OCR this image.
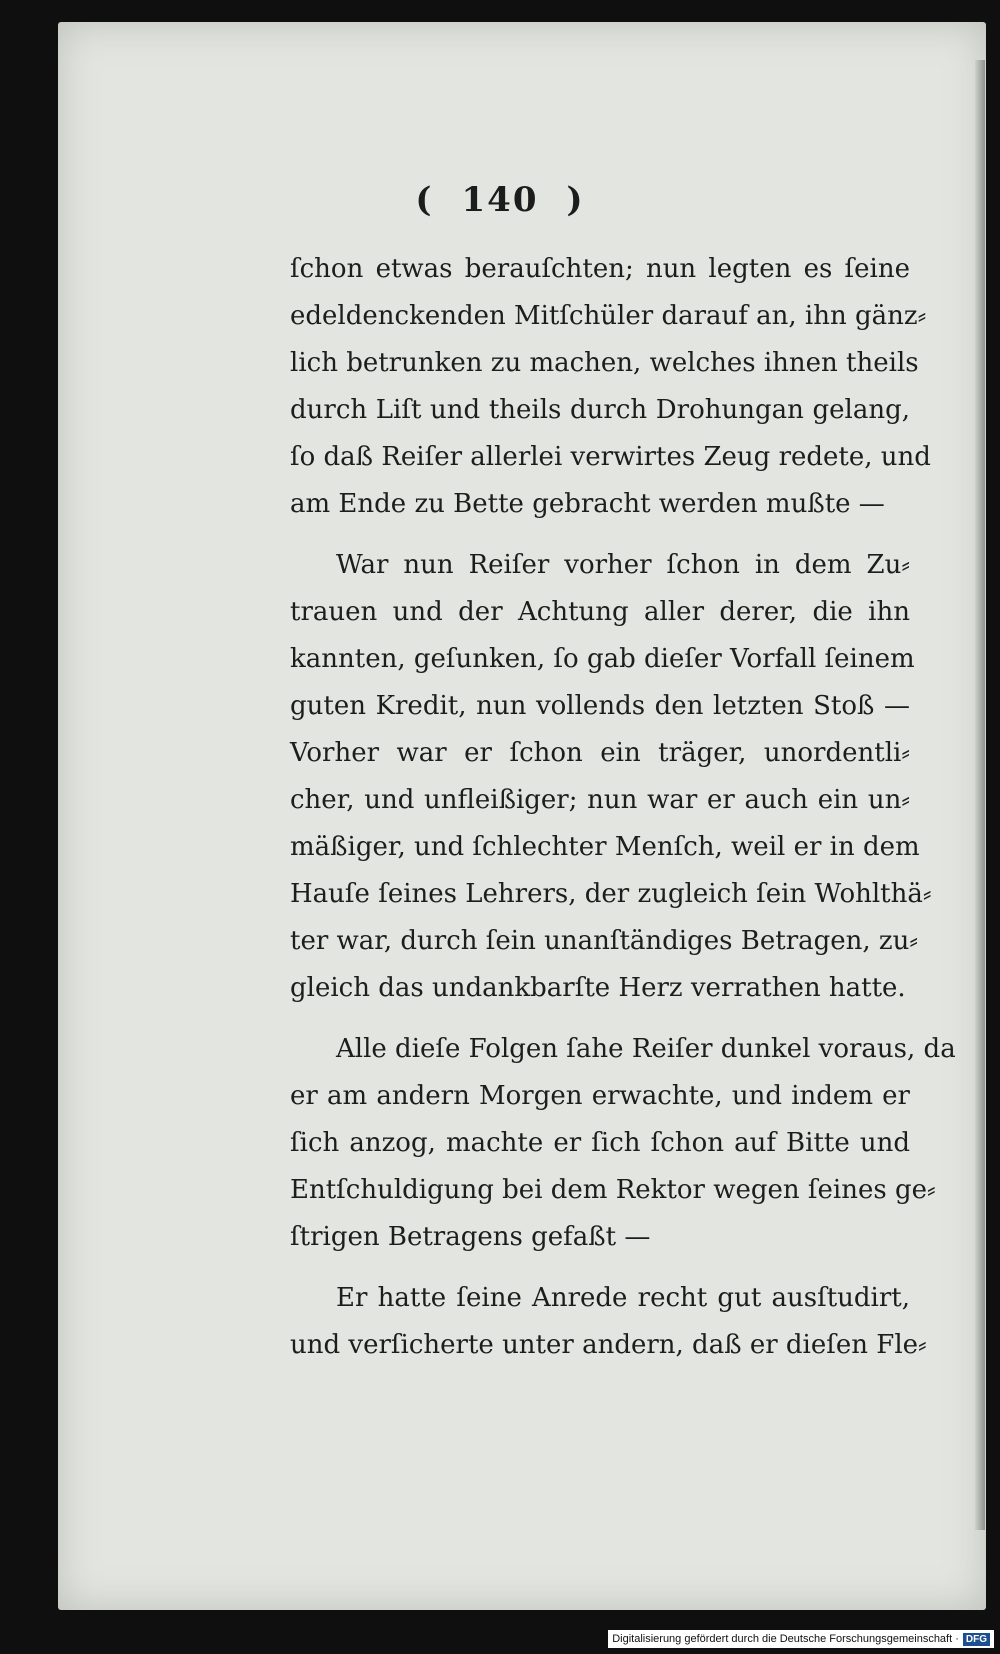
( 140 )
ſchon etwas berauſchten; nun legten es ſeine
edeldenckenden Mitſchüler darauf an, ihn gänz⸗
lich betrunken zu machen, welches ihnen theils
durch Liſt und theils durch Drohungan gelang,
ſo daß Reiſer allerlei verwirtes Zeug redete, und
am Ende zu Bette gebracht werden mußte —
War nun Reiſer vorher ſchon in dem Zu⸗
trauen und der Achtung aller derer, die ihn
kannten, geſunken, ſo gab dieſer Vorfall ſeinem
guten Kredit, nun vollends den letzten Stoß —
Vorher war er ſchon ein träger, unordentli⸗
cher, und unfleißiger; nun war er auch ein un⸗
mäßiger, und ſchlechter Menſch, weil er in dem
Hauſe ſeines Lehrers, der zugleich ſein Wohlthä⸗
ter war, durch ſein unanſtändiges Betragen, zu⸗
gleich das undankbarſte Herz verrathen hatte.
Alle dieſe Folgen ſahe Reiſer dunkel voraus, da
er am andern Morgen erwachte, und indem er
ſich anzog, machte er ſich ſchon auf Bitte und
Entſchuldigung bei dem Rektor wegen ſeines ge⸗
ſtrigen Betragens gefaßt —
Er hatte ſeine Anrede recht gut ausſtudirt,
und verſicherte unter andern, daß er dieſen Fle⸗
Digitalisierung gefördert durch die Deutsche Forschungsgemeinschaft · DFG
